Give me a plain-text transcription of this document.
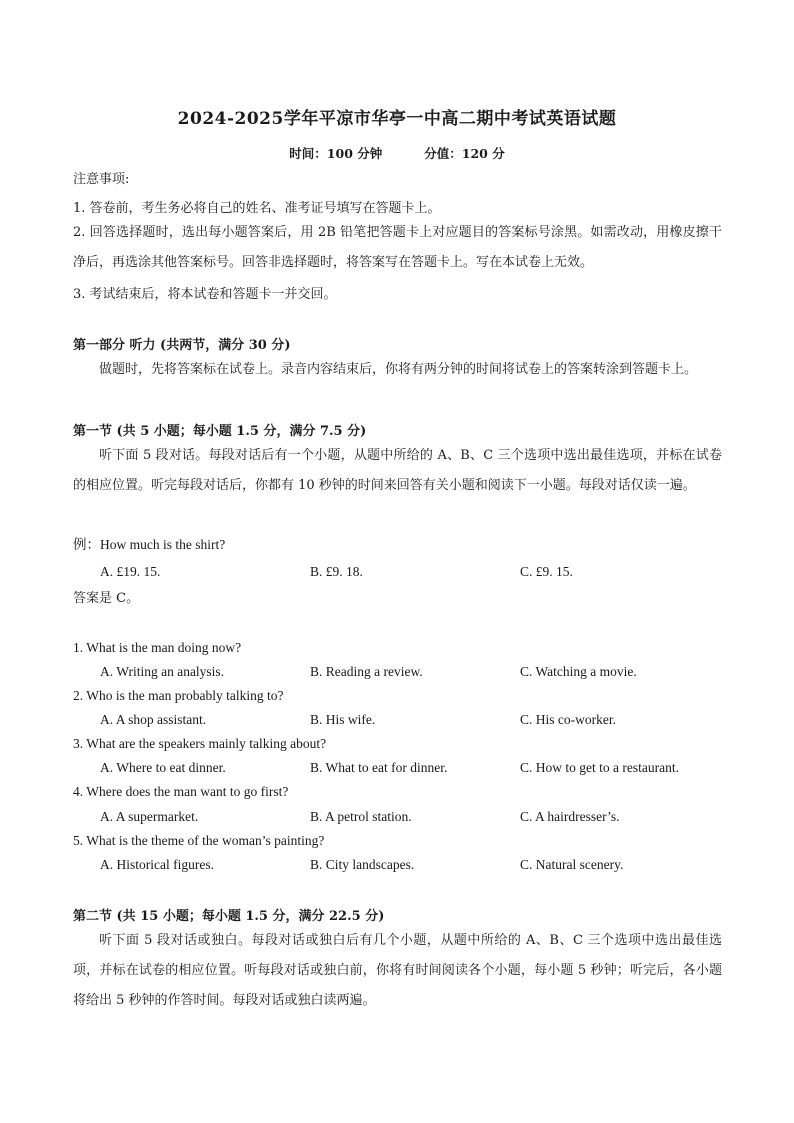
2024-2025学年平凉市华亭一中高二期中考试英语试题
时间：100 分钟	分值：120 分
注意事项:
1. 答卷前，考生务必将自己的姓名、准考证号填写在答题卡上。
2. 回答选择题时，选出每小题答案后，用 2B 铅笔把答题卡上对应题目的答案标号涂黑。如需改动，用橡皮擦干净后，再选涂其他答案标号。回答非选择题时，将答案写在答题卡上。写在本试卷上无效。
3. 考试结束后，将本试卷和答题卡一并交回。
第一部分 听力 (共两节，满分 30 分)
做题时，先将答案标在试卷上。录音内容结束后，你将有两分钟的时间将试卷上的答案转涂到答题卡上。
第一节 (共 5 小题；每小题 1.5 分，满分 7.5 分)
听下面 5 段对话。每段对话后有一个小题，从题中所给的 A、B、C 三个选项中选出最佳选项，并标在试卷的相应位置。听完每段对话后，你都有 10 秒钟的时间来回答有关小题和阅读下一小题。每段对话仅读一遍。
例：How much is the shirt?
A. £19. 15.	B. £9. 18.	C. £9. 15.
答案是 C。
1. What is the man doing now?
A. Writing an analysis.	B. Reading a review.	C. Watching a movie.
2. Who is the man probably talking to?
A. A shop assistant.	B. His wife.	C. His co-worker.
3. What are the speakers mainly talking about?
A. Where to eat dinner.	B. What to eat for dinner.	C. How to get to a restaurant.
4. Where does the man want to go first?
A. A supermarket.	B. A petrol station.	C. A hairdresser’s.
5. What is the theme of the woman’s painting?
A. Historical figures.	B. City landscapes.	C. Natural scenery.
第二节 (共 15 小题；每小题 1.5 分，满分 22.5 分)
听下面 5 段对话或独白。每段对话或独白后有几个小题，从题中所给的 A、B、C 三个选项中选出最佳选项，并标在试卷的相应位置。听每段对话或独白前，你将有时间阅读各个小题，每小题 5 秒钟；听完后，各小题将给出 5 秒钟的作答时间。每段对话或独白读两遍。
